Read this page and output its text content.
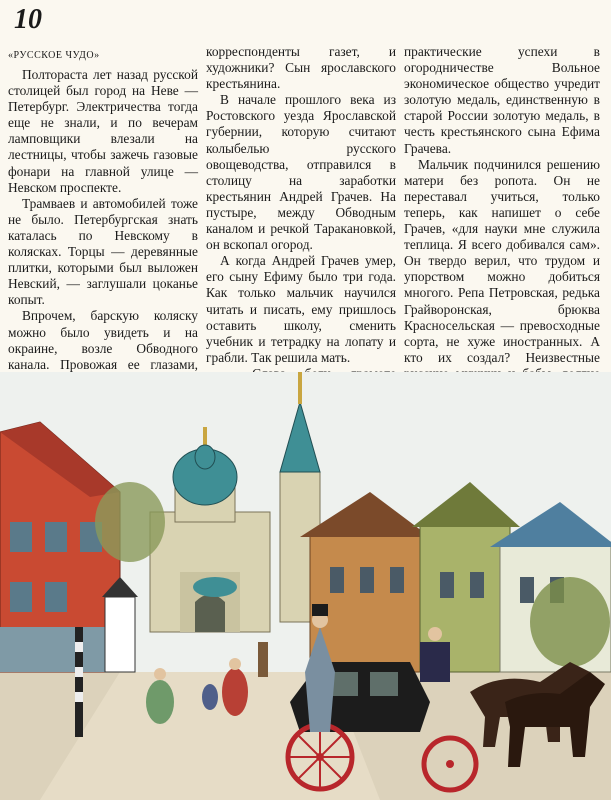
10
«РУССКОЕ ЧУДО»

Полтораста лет назад русской столицей был город на Неве — Петербург. Электричества тогда еще не знали, и по вечерам ламповщики влезали на лестницы, чтобы зажечь газовые фонари на главной улице — Невском проспекте.

Трамваев и автомобилей тоже не было. Петербургская знать каталась по Невскому в колясках. Торцы — деревянные плитки, которыми был выложен Невский, — заглушали цоканье копыт.

Впрочем, барскую коляску можно было увидеть и на окраине, возле Обводного канала. Провожая ее глазами,

корреспонденты газет, и художники? Сын ярославского крестьянина.

В начале прошлого века из Ростовского уезда Ярославской губернии, которую считают колыбелью русского овощеводства, отправился в столицу на заработки крестьянин Андрей Грачев. На пустыре, между Обводным каналом и речкой Таракановкой, он вскопал огород.

А когда Андрей Грачев умер, его сыну Ефиму было три года. Как только мальчик научился читать и писать, ему пришлось оставить школу, сменить учебник и тетрадку на лопату и грабли. Так решила мать.

практические успехи в огородничестве Вольное экономическое общество учредит золотую медаль, единственную в старой России золотую медаль, в честь крестьянского сына Ефима Грачева.

Мальчик подчинился решению матери без ропота. Он не переставал учиться, только теперь, как напишет о себе Грачев, «для науки мне служила теплица. Я всего добивался сам». Он твердо верил, что трудом и упорством можно добиться многого. Репа Петровская, редька Грайворонская, брюква Красносельская — превосходные сорта, не хуже иностранных. А кто их создал? Неизвестные
